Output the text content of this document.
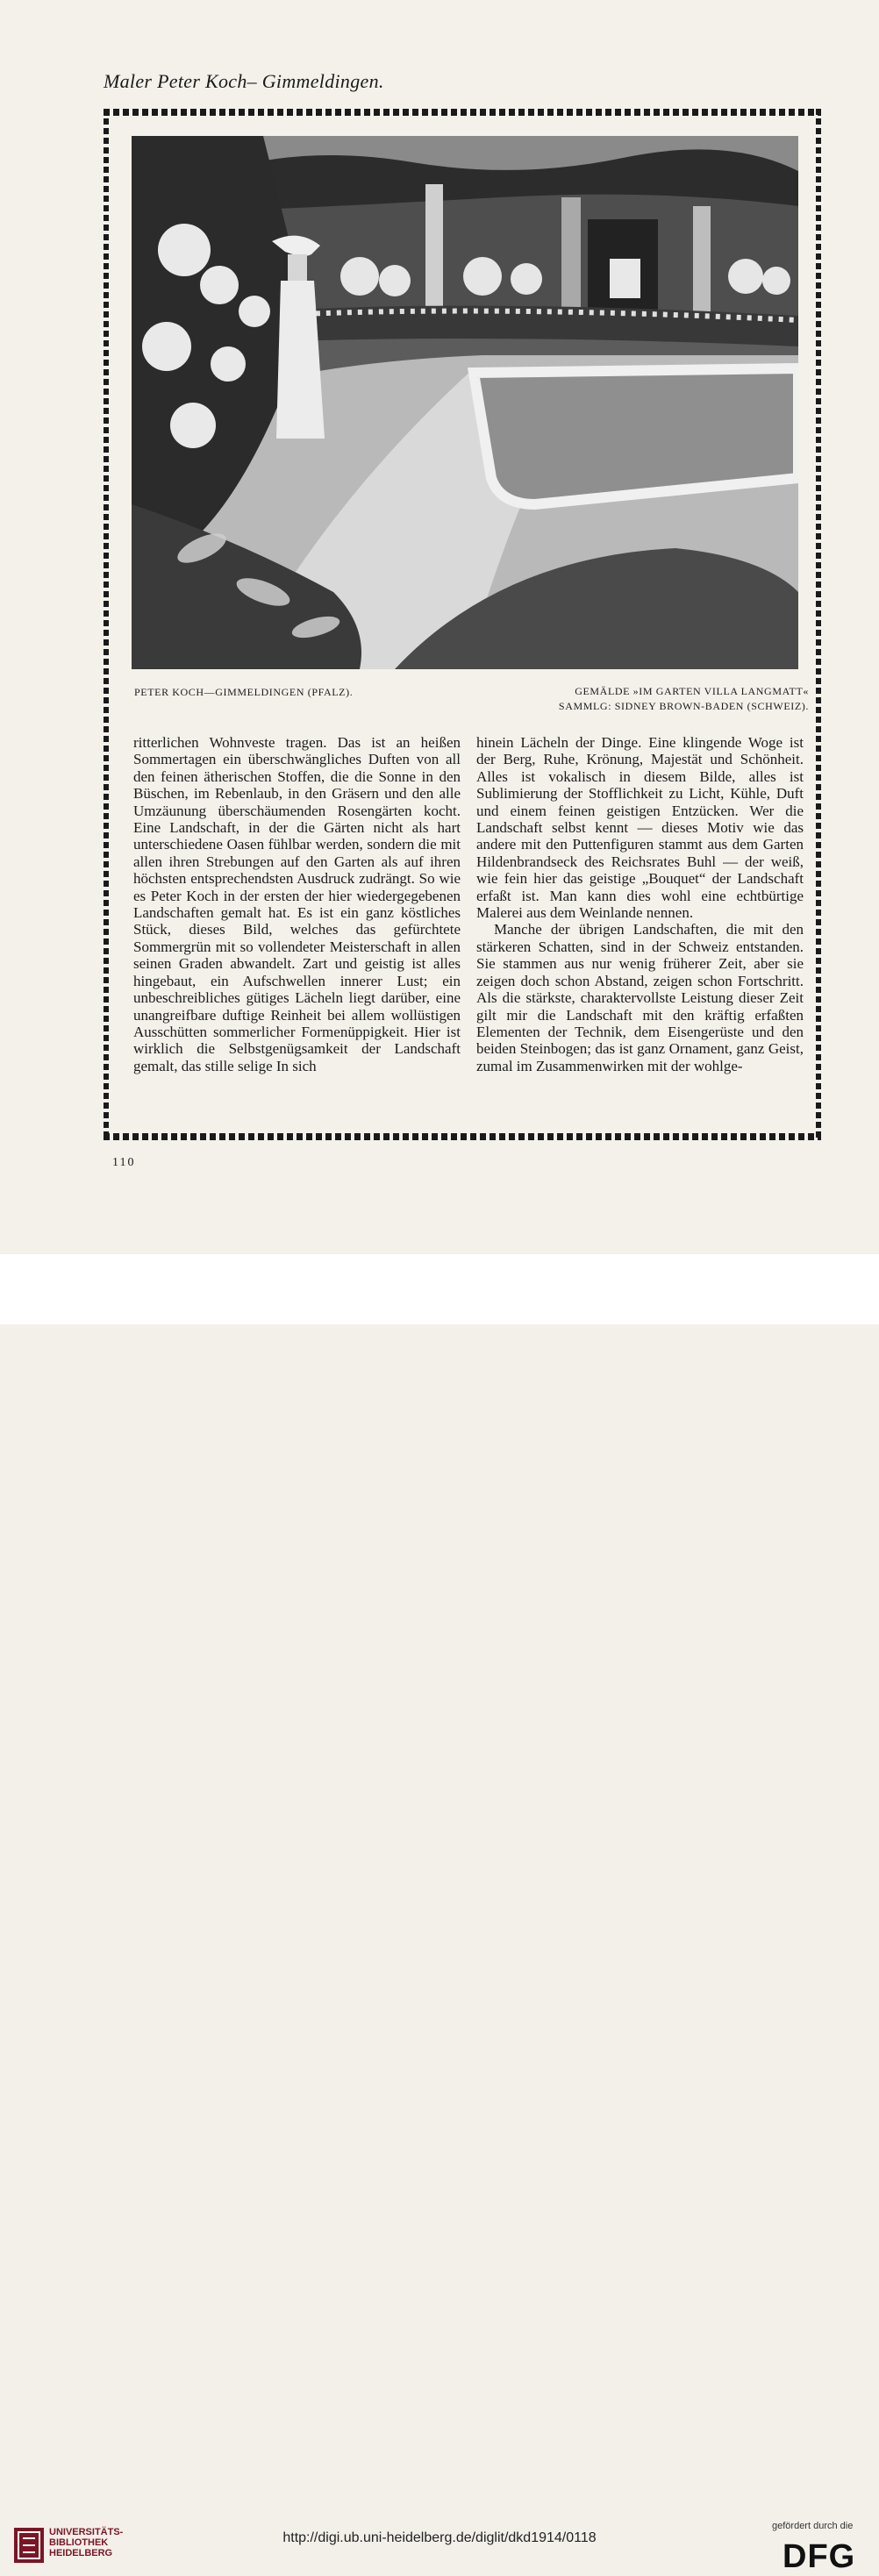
Maler Peter Koch– Gimmeldingen.
PETER KOCH—GIMMELDINGEN (PFALZ).	GEMÄLDE »IM GARTEN VILLA LANGMATT«
SAMMLG: SIDNEY BROWN-BADEN (SCHWEIZ).

ritterlichen Wohnveste tragen. Das ist an heißen Sommertagen ein überschwängliches Duften von all den feinen ätherischen Stoffen, die die Sonne in den Büschen, im Rebenlaub, in den Gräsern und den alle Umzäunung überschäumenden Rosengärten kocht. Eine Landschaft, in der die Gärten nicht als hart unterschiedene Oasen fühlbar werden, sondern die mit allen ihren Strebungen auf den Garten als auf ihren höchsten entsprechendsten Ausdruck zudrängt. So wie es Peter Koch in der ersten der hier wiedergegebenen Landschaften gemalt hat. Es ist ein ganz köstliches Stück, dieses Bild, welches das gefürchtete Sommergrün mit so vollendeter Meisterschaft in allen seinen Graden abwandelt. Zart und geistig ist alles hingebaut, ein Aufschwellen innerer Lust; ein unbeschreibliches gütiges Lächeln liegt darüber, eine unangreifbare duftige Reinheit bei allem wollüstigen Ausschütten sommerlicher Formenüppigkeit. Hier ist wirklich die Selbstgenügsamkeit der Landschaft gemalt, das stille selige In sich

hinein Lächeln der Dinge. Eine klingende Woge ist der Berg, Ruhe, Krönung, Majestät und Schönheit. Alles ist vokalisch in diesem Bilde, alles ist Sublimierung der Stofflichkeit zu Licht, Kühle, Duft und einem feinen geistigen Entzücken. Wer die Landschaft selbst kennt — dieses Motiv wie das andere mit den Puttenfiguren stammt aus dem Garten Hildenbrandseck des Reichsrates Buhl — der weiß, wie fein hier das geistige „Bouquet“ der Landschaft erfaßt ist. Man kann dies wohl eine echtbürtige Malerei aus dem Weinlande nennen.

Manche der übrigen Landschaften, die mit den stärkeren Schatten, sind in der Schweiz entstanden. Sie stammen aus nur wenig früherer Zeit, aber sie zeigen doch schon Abstand, zeigen schon Fortschritt. Als die stärkste, charaktervollste Leistung dieser Zeit gilt mir die Landschaft mit den kräftig erfaßten Elementen der Technik, dem Eisengerüste und den beiden Steinbogen; das ist ganz Ornament, ganz Geist, zumal im Zusammenwirken mit der wohlge-

110
UNIVERSITÄTS-
BIBLIOTHEK
HEIDELBERG
http://digi.ub.uni-heidelberg.de/diglit/dkd1914/0118
gefördert durch die
DFG
